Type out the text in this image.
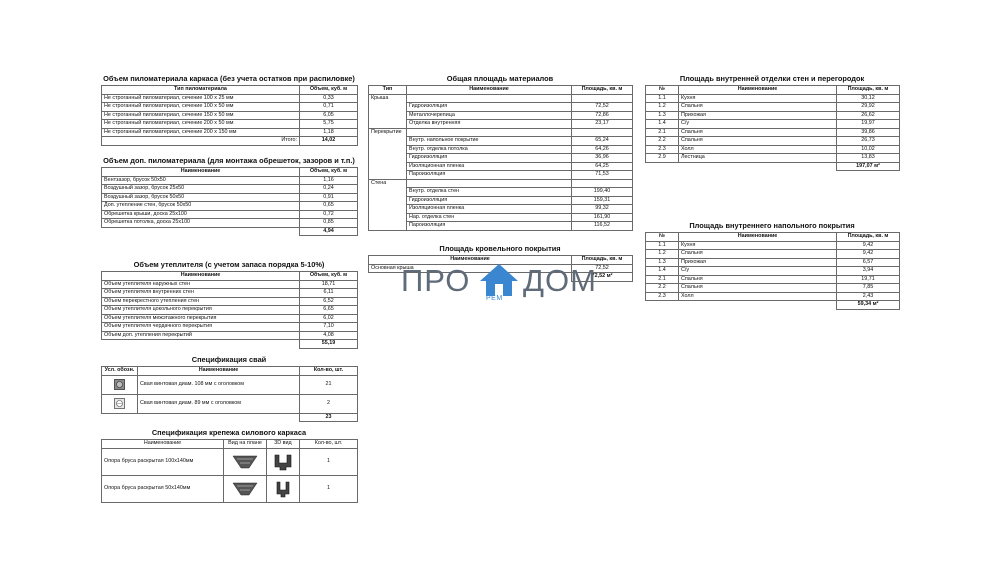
Объем пиломатериала каркаса (без учета остатков при распиловке)
Тип пиломатериала	Объем, куб. м
Не строганный пиломатериал, сечение 100 х 25 мм	0,33
Не строганный пиломатериал, сечение 100 х 50 мм	0,71
Не строганный пиломатериал, сечение 150 х 50 мм	6,05
Не строганный пиломатериал, сечение 200 х 50 мм	5,75
Не строганный пиломатериал, сечение 200 х 150 мм	1,18
Итого:	14,02
Объем доп. пиломатериала (для монтажа обрешеток, зазоров и т.п.)
Наименование	Объем, куб. м
Вентзазор, брусок 50х50	1,16
Воздушный зазор, брусок 25х50	0,24
Воздушный зазор, брусок 50х50	0,91
Доп. утепление стен, брусок 50х50	0,65
Обрешетка крыши, доска 25х100	0,72
Обрешетка потолка, доска 25х100	0,85
	4,94
Объем утеплителя (с учетом запаса порядка 5-10%)
Наименование	Объем, куб. м
Объем утеплителя наружных стен	18,71
Объем утеплителя внутренних стен	6,11
Объем перекрестного утепления стен	6,52
Объем утеплителя цокольного перекрытия	6,65
Объем утеплителя межэтажного перекрытия	6,02
Объем утеплителя чердачного перекрытия	7,10
Объем доп. утепления перекрытий	4,08
	55,19
Спецификация свай
Усл. обозн.	Наименование	Кол-во, шт.
	Свая винтовая диам. 108 мм с оголовком	21
	Свая винтовая диам. 89 мм с оголовком	2
		23
Спецификация крепежа силового каркаса
Наименование	Вид на плане	3D вид	Кол-во, шт.
Опора бруса раскрытая 100х140мм			1
Опора бруса раскрытая 50х140мм			1
Общая площадь материалов
Тип	Наименование	Площадь, кв. м
Крыша		
	Гидроизоляция	72,52
	Металлочерепица	72,86
	Отделка внутренняя	23,17
Перекрытие		
	Внутр. напольное покрытие	65,24
	Внутр. отделка потолка	64,26
	Гидроизоляция	36,96
	Изоляционная пленка	64,25
	Пароизоляция	71,53
Стена		
	Внутр. отделка стен	199,40
	Гидроизоляция	159,31
	Изоляционная пленка	99,32
	Нар. отделка стен	161,90
	Пароизоляция	116,52
Площадь кровельного покрытия
Наименование	Площадь, кв. м
Основная крыша	72,52
	72,52 м²
ПРО
РЕМ
ДОМ
Площадь внутренней отделки стен и перегородок
№	Наименование	Площадь, кв. м
1.1	Кухня	30,12
1.2	Спальня	29,92
1.3	Прихожая	26,62
1.4	С/у	19,97
2.1	Спальня	39,86
2.2	Спальня	26,73
2.3	Холл	10,02
2.9	Лестница	13,83
		197,07 м²
Площадь внутреннего напольного покрытия
№	Наименование	Площадь, кв. м
1.1	Кухня	9,42
1.2	Спальня	9,42
1.3	Прихожая	6,57
1.4	С/у	3,94
2.1	Спальня	19,71
2.2	Спальня	7,85
2.3	Холл	2,43
		59,34 м²
